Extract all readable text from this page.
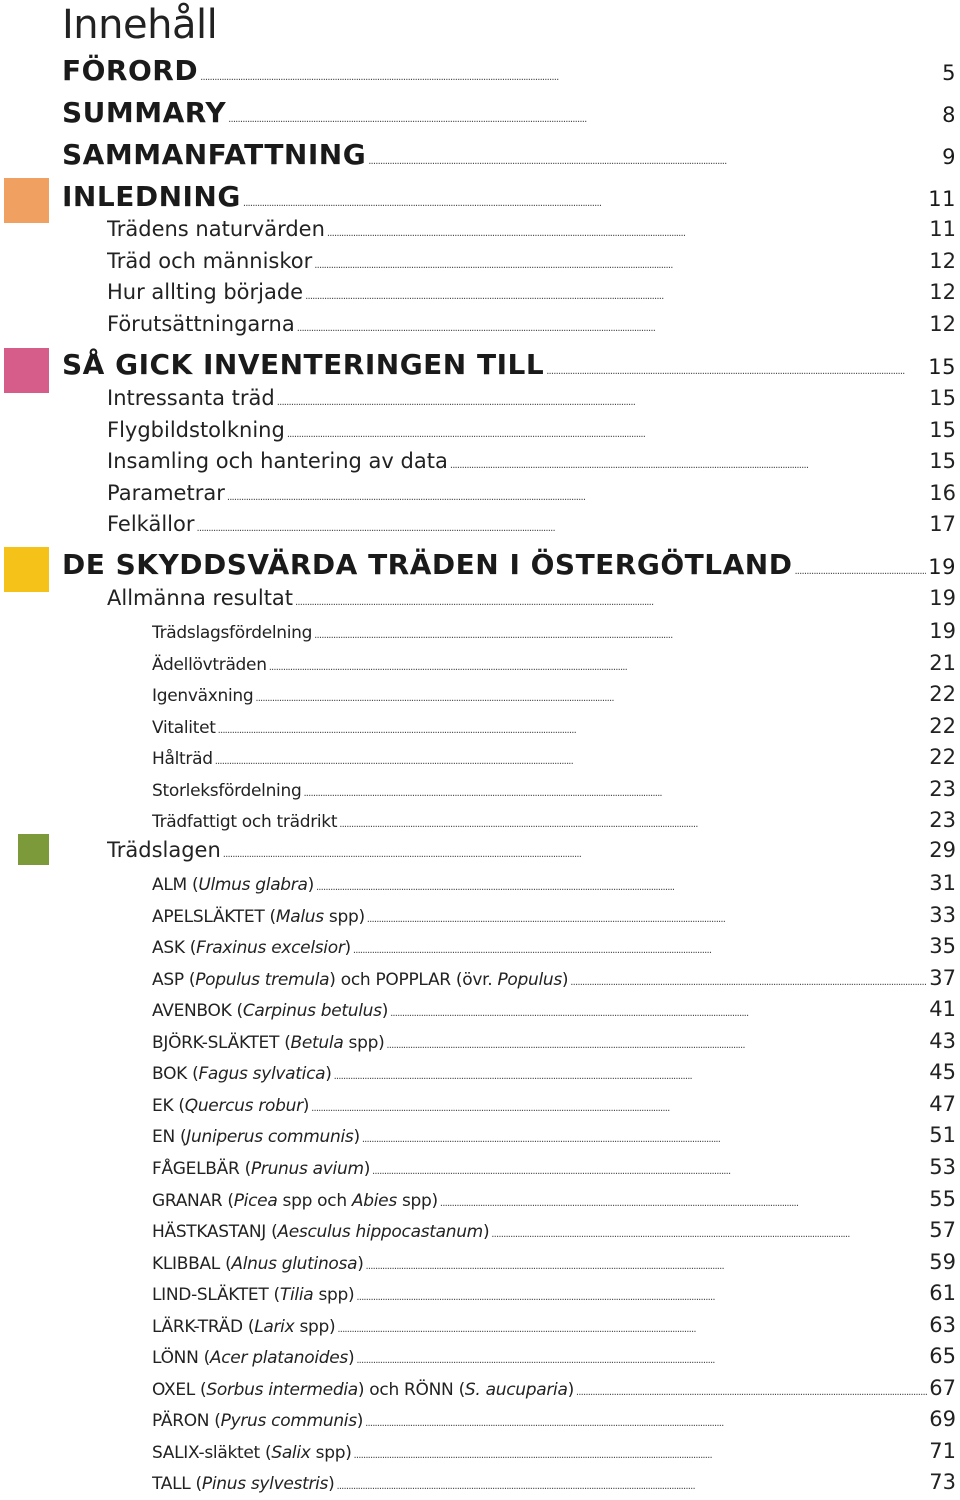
Innehåll
FÖRORD . . .	5
SUMMARY . . .	8
SAMMANFATTNING . . .	9
INLEDNING . . .	11
Trädens naturvärden . . .	11
Träd och människor . . .	12
Hur allting började . . .	12
Förutsättningarna . . .	12
SÅ GICK INVENTERINGEN TILL . . .	15
Intressanta träd . . .	15
Flygbildstolkning . . .	15
Insamling och hantering av data . . .	15
Parametrar . . .	16
Felkällor . . .	17
DE SKYDDSVÄRDA TRÄDEN I ÖSTERGÖTLAND . . .	19
Allmänna resultat . . .	19
Trädslagsfördelning . . .	19
Ädellövträden . . .	21
Igenväxning . . .	22
Vitalitet . . .	22
Hålträd . . .	22
Storleksfördelning . . .	23
Trädfattigt och trädrikt . . .	23
Trädslagen . . .	29
ALM (Ulmus glabra) . . .	31
APELSLÄKTET (Malus spp) . . .	33
ASK (Fraxinus excelsior) . . .	35
ASP (Populus tremula) och POPPLAR (övr. Populus) . . .	37
AVENBOK (Carpinus betulus) . . .	41
BJÖRK-SLÄKTET (Betula spp) . . .	43
BOK (Fagus sylvatica) . . .	45
EK (Quercus robur) . . .	47
EN (Juniperus communis) . . .	51
FÅGELBÄR (Prunus avium) . . .	53
GRANAR (Picea spp och Abies spp) . . .	55
HÄSTKASTANJ (Aesculus hippocastanum) . . .	57
KLIBBAL (Alnus glutinosa) . . .	59
LIND-SLÄKTET (Tilia spp) . . .	61
LÄRK-TRÄD (Larix spp) . . .	63
LÖNN (Acer platanoides) . . .	65
OXEL (Sorbus intermedia) och RÖNN (S. aucuparia) . . .	67
PÄRON (Pyrus communis) . . .	69
SALIX-släktet (Salix spp) . . .	71
TALL (Pinus sylvestris) . . .	73
